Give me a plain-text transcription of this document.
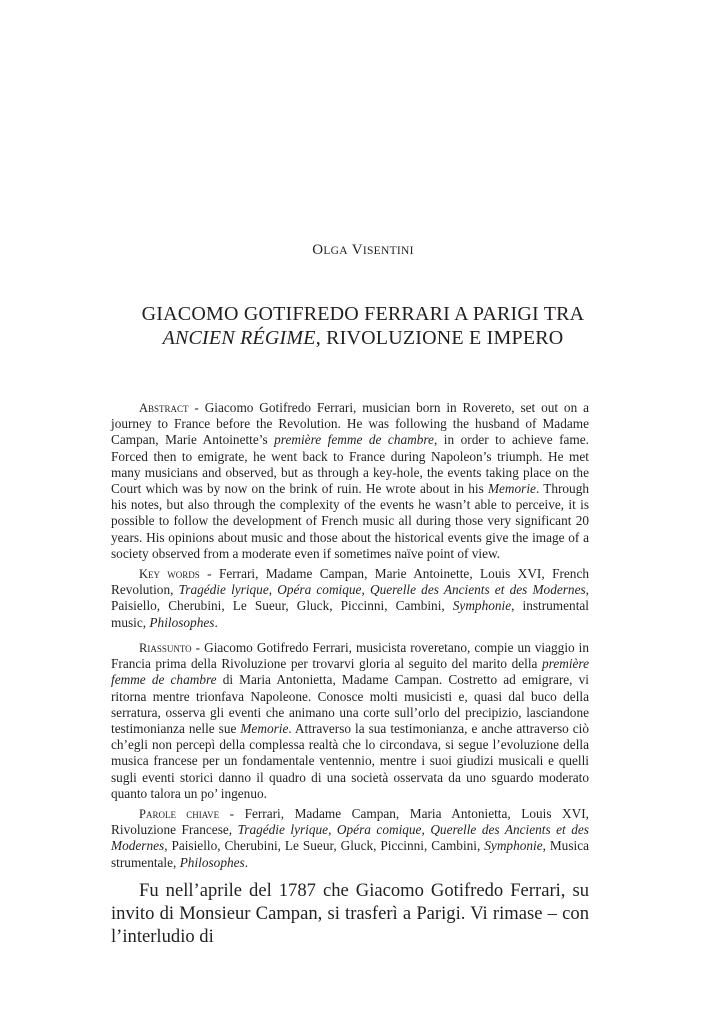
OLGA VISENTINI
GIACOMO GOTIFREDO FERRARI A PARIGI TRA
ANCIEN RÉGIME, RIVOLUZIONE E IMPERO

Abstract - Giacomo Gotifredo Ferrari, musician born in Rovereto, set out on a journey to France before the Revolution. He was following the husband of Madame Campan, Marie Antoinette’s première femme de chambre, in order to achieve fame. Forced then to emigrate, he went back to France during Napoleon’s triumph. He met many musicians and observed, but as through a key-hole, the events taking place on the Court which was by now on the brink of ruin. He wrote about in his Memorie. Through his notes, but also through the complexity of the events he wasn’t able to perceive, it is possible to follow the development of French music all during those very significant 20 years. His opinions about music and those about the historical events give the image of a society observed from a moderate even if sometimes naïve point of view.

Key words - Ferrari, Madame Campan, Marie Antoinette, Louis XVI, French Revolution, Tragédie lyrique, Opéra comique, Querelle des Ancients et des Modernes, Paisiello, Cherubini, Le Sueur, Gluck, Piccinni, Cambini, Symphonie, instrumental music, Philosophes.

Riassunto - Giacomo Gotifredo Ferrari, musicista roveretano, compie un viaggio in Francia prima della Rivoluzione per trovarvi gloria al seguito del marito della première femme de chambre di Maria Antonietta, Madame Campan. Costretto ad emigrare, vi ritorna mentre trionfava Napoleone. Conosce molti musicisti e, quasi dal buco della serratura, osserva gli eventi che animano una corte sull’orlo del precipizio, lasciandone testimonianza nelle sue Memorie. Attraverso la sua testimonianza, e anche attraverso ciò ch’egli non percepì della complessa realtà che lo circondava, si segue l’evoluzione della musica francese per un fondamentale ventennio, mentre i suoi giudizi musicali e quelli sugli eventi storici danno il quadro di una società osservata da uno sguardo moderato quanto talora un po’ ingenuo.

Parole chiave - Ferrari, Madame Campan, Maria Antonietta, Louis XVI, Rivoluzione Francese, Tragédie lyrique, Opéra comique, Querelle des Ancients et des Modernes, Paisiello, Cherubini, Le Sueur, Gluck, Piccinni, Cambini, Symphonie, Musica strumentale, Philosophes.

Fu nell’aprile del 1787 che Giacomo Gotifredo Ferrari, su invito di Monsieur Campan, si trasferì a Parigi. Vi rimase – con l’interludio di
